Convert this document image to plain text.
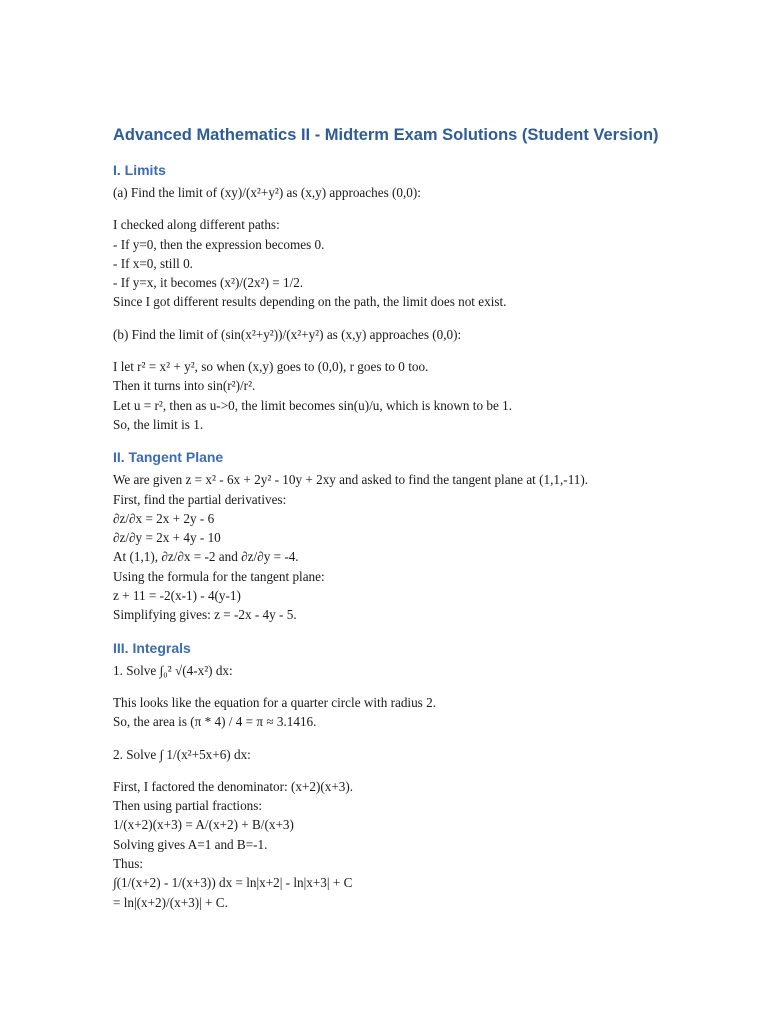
Advanced Mathematics II - Midterm Exam Solutions (Student Version)
I. Limits

(a) Find the limit of (xy)/(x²+y²) as (x,y) approaches (0,0):

I checked along different paths:

- If y=0, then the expression becomes 0.

- If x=0, still 0.

- If y=x, it becomes (x²)/(2x²) = 1/2.

Since I got different results depending on the path, the limit does not exist.

(b) Find the limit of (sin(x²+y²))/(x²+y²) as (x,y) approaches (0,0):

I let r² = x² + y², so when (x,y) goes to (0,0), r goes to 0 too.

Then it turns into sin(r²)/r².

Let u = r², then as u->0, the limit becomes sin(u)/u, which is known to be 1.

So, the limit is 1.

II. Tangent Plane

We are given z = x² - 6x + 2y² - 10y + 2xy and asked to find the tangent plane at (1,1,-11).

First, find the partial derivatives:

∂z/∂x = 2x + 2y - 6

∂z/∂y = 2x + 4y - 10

At (1,1), ∂z/∂x = -2 and ∂z/∂y = -4.

Using the formula for the tangent plane:

z + 11 = -2(x-1) - 4(y-1)

Simplifying gives: z = -2x - 4y - 5.

III. Integrals

1. Solve ∫₀² √(4-x²) dx:

This looks like the equation for a quarter circle with radius 2.

So, the area is (π * 4) / 4 = π ≈ 3.1416.

2. Solve ∫ 1/(x²+5x+6) dx:

First, I factored the denominator: (x+2)(x+3).

Then using partial fractions:

1/(x+2)(x+3) = A/(x+2) + B/(x+3)

Solving gives A=1 and B=-1.

Thus:

∫(1/(x+2) - 1/(x+3)) dx = ln|x+2| - ln|x+3| + C

= ln|(x+2)/(x+3)| + C.
